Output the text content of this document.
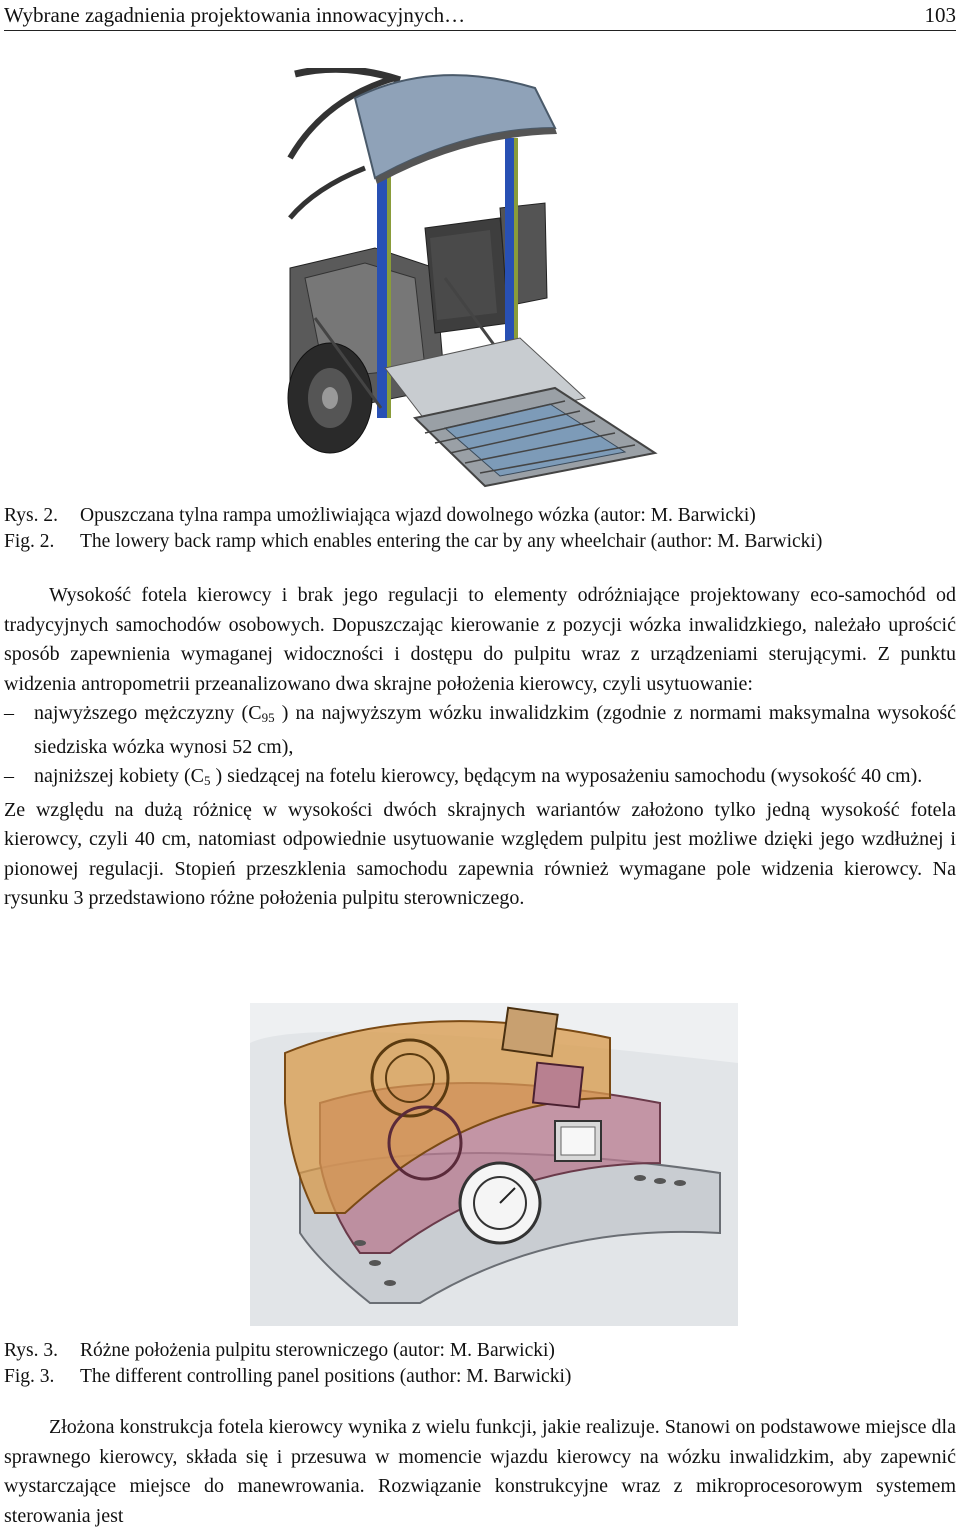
Wybrane zagadnienia projektowania innowacyjnych…	103
Rys. 2. Opuszczana tylna rampa umożliwiająca wjazd dowolnego wózka (autor: M. Barwicki)
Fig. 2. The lowery back ramp which enables entering the car by any wheelchair (author: M. Barwicki)

Wysokość fotela kierowcy i brak jego regulacji to elementy odróżniające projektowany eco-samochód od tradycyjnych samochodów osobowych. Dopuszczając kierowanie z pozycji wózka inwalidzkiego, należało uprościć sposób zapewnienia wymaganej widoczności i dostępu do pulpitu wraz z urządzeniami sterującymi. Z punktu widzenia antropometrii przeanalizowano dwa skrajne położenia kierowcy, czyli usytuowanie:

–	najwyższego mężczyzny ($C_{95}$ ) na najwyższym wózku inwalidzkim (zgodnie z normami maksymalna wysokość siedziska wózka wynosi 52 cm),
–	najniższej kobiety ($C_5$ ) siedzącej na fotelu kierowcy, będącym na wyposażeniu samochodu (wysokość 40 cm).

Ze względu na dużą różnicę w wysokości dwóch skrajnych wariantów założono tylko jedną wysokość fotela kierowcy, czyli 40 cm, natomiast odpowiednie usytuowanie względem pulpitu jest możliwe dzięki jego wzdłużnej i pionowej regulacji. Stopień przeszklenia samochodu zapewnia również wymagane pole widzenia kierowcy. Na rysunku 3 przedstawiono różne położenia pulpitu sterowniczego.

Rys. 3. Różne położenia pulpitu sterowniczego (autor: M. Barwicki)
Fig. 3. The different controlling panel positions (author: M. Barwicki)

Złożona konstrukcja fotela kierowcy wynika z wielu funkcji, jakie realizuje. Stanowi on podstawowe miejsce dla sprawnego kierowcy, składa się i przesuwa w momencie wjazdu kierowcy na wózku inwalidzkim, aby zapewnić wystarczające miejsce do manewrowania. Rozwiązanie konstrukcyjne wraz z mikroprocesorowym systemem sterowania jest
